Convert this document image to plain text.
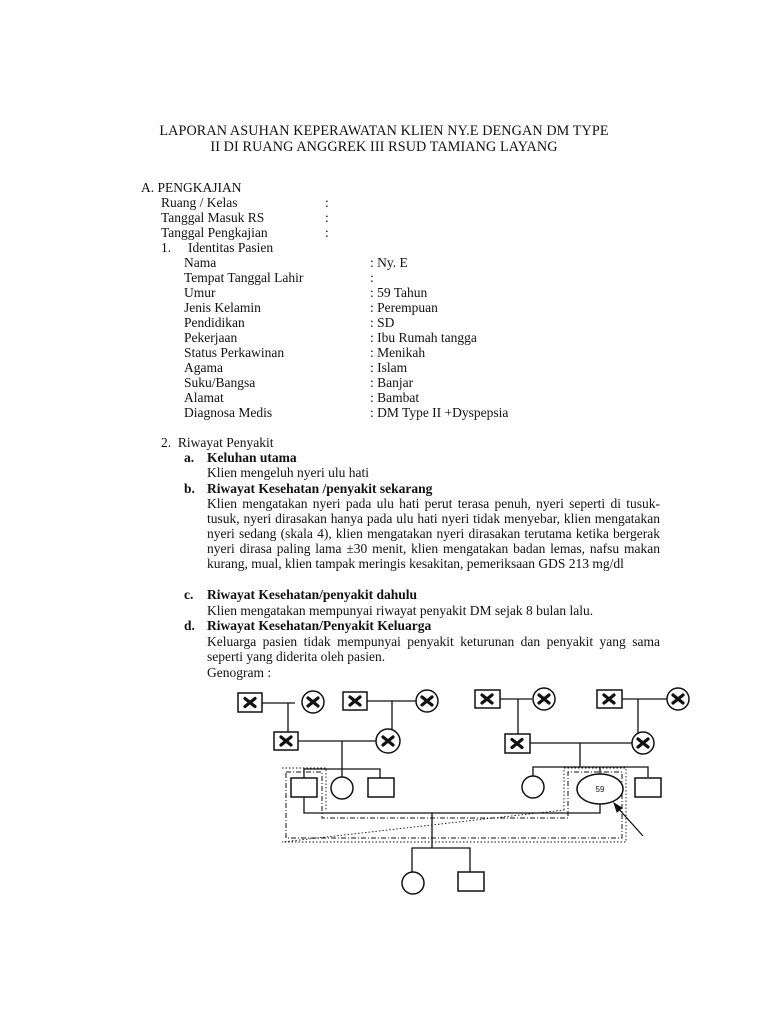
LAPORAN ASUHAN KEPERAWATAN KLIEN NY.E DENGAN DM TYPE
II DI RUANG ANGGREK III RSUD TAMIANG LAYANG
A. PENGKAJIAN
Ruang / Kelas	:
Tanggal Masuk RS	:
Tanggal Pengkajian	:
1.     Identitas Pasien
Nama	: Ny. E
Tempat Tanggal Lahir	:
Umur	: 59 Tahun
Jenis Kelamin	: Perempuan
Pendidikan	: SD
Pekerjaan	: Ibu Rumah tangga
Status Perkawinan	: Menikah
Agama	: Islam
Suku/Bangsa	: Banjar
Alamat	: Bambat
Diagnosa Medis	: DM Type II +Dyspepsia
2.  Riwayat Penyakit
a. Keluhan utama
Klien mengeluh nyeri ulu hati
b. Riwayat Kesehatan /penyakit sekarang
Klien mengatakan nyeri pada ulu hati perut terasa penuh, nyeri seperti di tusuk-tusuk, nyeri dirasakan hanya pada ulu hati nyeri tidak menyebar, klien mengatakan nyeri sedang (skala 4), klien mengatakan nyeri dirasakan terutama ketika bergerak nyeri dirasa paling lama ±30 menit, klien mengatakan badan lemas, nafsu makan kurang, mual, klien tampak meringis kesakitan, pemeriksaan GDS 213 mg/dl
c. Riwayat Kesehatan/penyakit dahulu
Klien mengatakan mempunyai riwayat penyakit DM sejak 8 bulan lalu.
d. Riwayat Kesehatan/Penyakit Keluarga
Keluarga pasien tidak mempunyai penyakit keturunan dan penyakit yang sama seperti yang diderita oleh pasien.
Genogram :
59
